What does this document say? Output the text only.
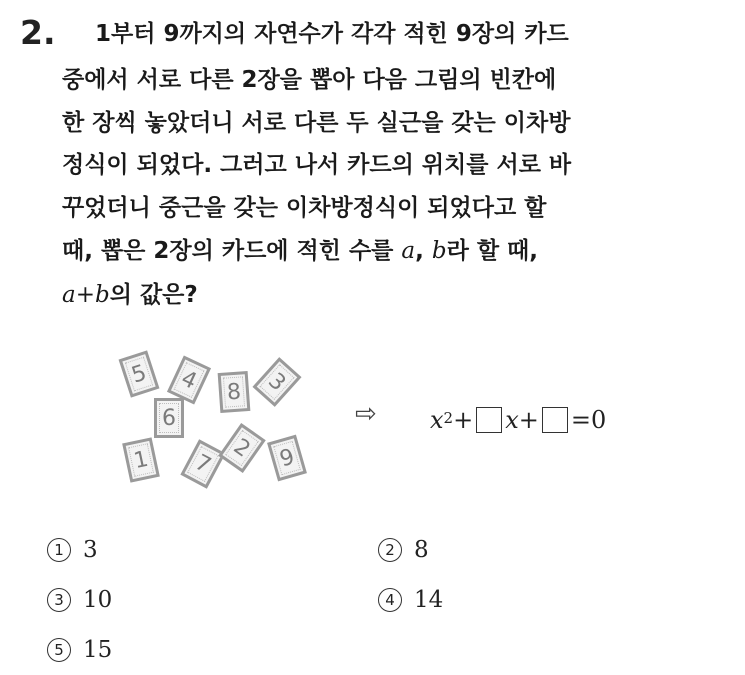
2. 1부터 9까지의 자연수가 각각 적힌 9장의 카드
중에서 서로 다른 2장을 뽑아 다음 그림의 빈칸에
한 장씩 놓았더니 서로 다른 두 실근을 갖는 이차방
정식이 되었다. 그러고 나서 카드의 위치를 서로 바
꾸었더니 중근을 갖는 이차방정식이 되었다고 할
때, 뽑은 2장의 카드에 적힌 수를 a, b라 할 때,
a+b의 값은?
5 4 8 3
6
1 7
2 9
⇨ $x^2 + x + =0$
1 3	2 8
3 10	4 14
5 15
